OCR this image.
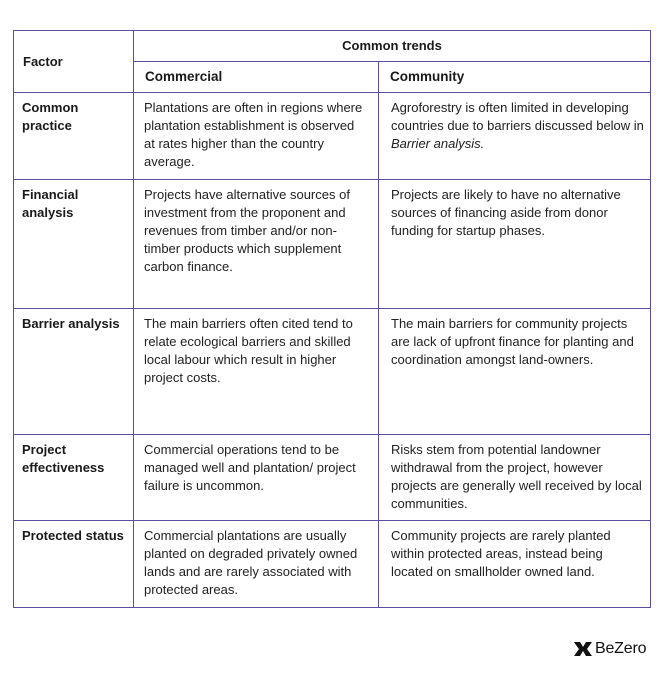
Factor	Common trends	
	Commercial	Community
Common practice	Plantations are often in regions where plantation establishment is observed at rates higher than the country average.	Agroforestry is often limited in developing countries due to barriers discussed below in Barrier analysis.
Financial analysis	Projects have alternative sources of investment from the proponent and revenues from timber and/or non-timber products which supplement carbon finance.	Projects are likely to have no alternative sources of financing aside from donor funding for startup phases.
Barrier analysis	The main barriers often cited tend to relate ecological barriers and skilled local labour which result in higher project costs.	The main barriers for community projects are lack of upfront finance for planting and coordination amongst land-owners.
Project effectiveness	Commercial operations tend to be managed well and plantation/ project failure is uncommon.	Risks stem from potential landowner withdrawal from the project, however projects are generally well received by local communities.
Protected status	Commercial plantations are usually planted on degraded privately owned lands and are rarely associated with protected areas.	Community projects are rarely planted within protected areas, instead being located on smallholder owned land.
BeZero
